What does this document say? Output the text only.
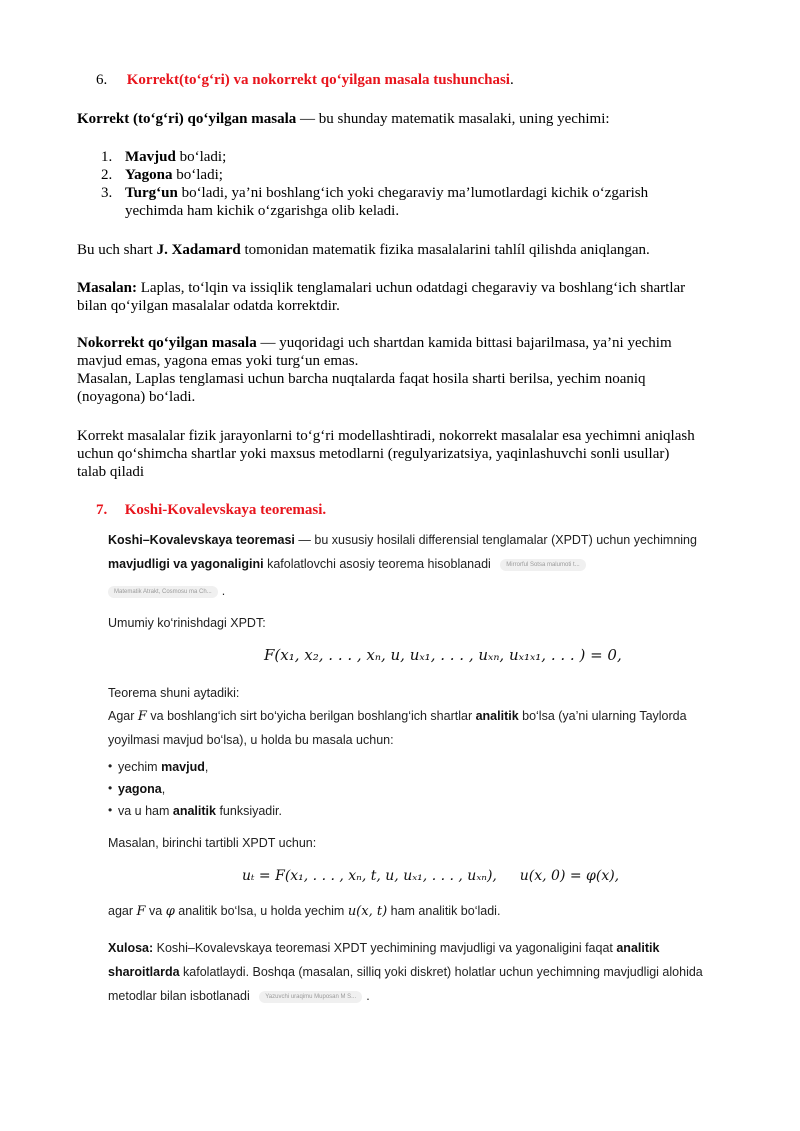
6. Korrekt(to‘g‘ri) va nokorrekt qo‘yilgan masala tushunchasi.
Korrekt (to‘g‘ri) qo‘yilgan masala — bu shunday matematik masalaki, uning yechimi:
1. Mavjud bo‘ladi;
2. Yagona bo‘ladi;
3. Turg‘un bo‘ladi, ya’ni boshlang‘ich yoki chegaraviy ma’lumotlardagi kichik o‘zgarish
yechimda ham kichik o‘zgarishga olib keladi.
Bu uch shart J. Xadamard tomonidan matematik fizika masalalarini tahlíl qilishda aniqlangan.
Masalan: Laplas, to‘lqin va issiqlik tenglamalari uchun odatdagi chegaraviy va boshlang‘ich shartlar
bilan qo‘yilgan masalalar odatda korrektdir.
Nokorrekt qo‘yilgan masala — yuqoridagi uch shartdan kamida bittasi bajarilmasa, ya’ni yechim
mavjud emas, yagona emas yoki turg‘un emas.
Masalan, Laplas tenglamasi uchun barcha nuqtalarda faqat hosila sharti berilsa, yechim noaniq
(noyagona) bo‘ladi.
Korrekt masalalar fizik jarayonlarni to‘g‘ri modellashtiradi, nokorrekt masalalar esa yechimni aniqlash
uchun qo‘shimcha shartlar yoki maxsus metodlarni (regulyarizatsiya, yaqinlashuvchi sonli usullar)
talab qiladi
7. Koshi-Kovalevskaya teoremasi.
Koshi–Kovalevskaya teoremasi — bu xususiy hosilali differensial tenglamalar (XPDT) uchun yechimning
mavjudligi va yagonaligini kafolatlovchi asosiy teorema hisoblanadi	Mirrorful Sotsa malumoti t...
Matematik Atrakt, Cosmosu ma Ch... .
Umumiy ko‘rinishdagi XPDT:
F(x₁, x₂, . . . , xₙ, u, uₓ₁, . . . , uₓₙ, uₓ₁ₓ₁, . . . ) = 0,
Teorema shuni aytadiki:
Agar F va boshlang‘ich sirt bo‘yicha berilgan boshlang‘ich shartlar analitik bo‘lsa (ya’ni ularning Taylorda
yoyilmasi mavjud bo‘lsa), u holda bu masala uchun:
• yechim mavjud,
• yagona,
• va u ham analitik funksiyadir.
Masalan, birinchi tartibli XPDT uchun:
uₜ = F(x₁, . . . , xₙ, t, u, uₓ₁, . . . , uₓₙ), u(x, 0) = φ(x),
agar F va φ analitik bo‘lsa, u holda yechim u(x, t) ham analitik bo‘ladi.
Xulosa: Koshi–Kovalevskaya teoremasi XPDT yechimining mavjudligi va yagonaligini faqat analitik
sharoitlarda kafolatlaydi. Boshqa (masalan, silliq yoki diskret) holatlar uchun yechimning mavjudligi alohida
metodlar bilan isbotlanadi	Yazuvchi uraqimu Muposan M S... .
